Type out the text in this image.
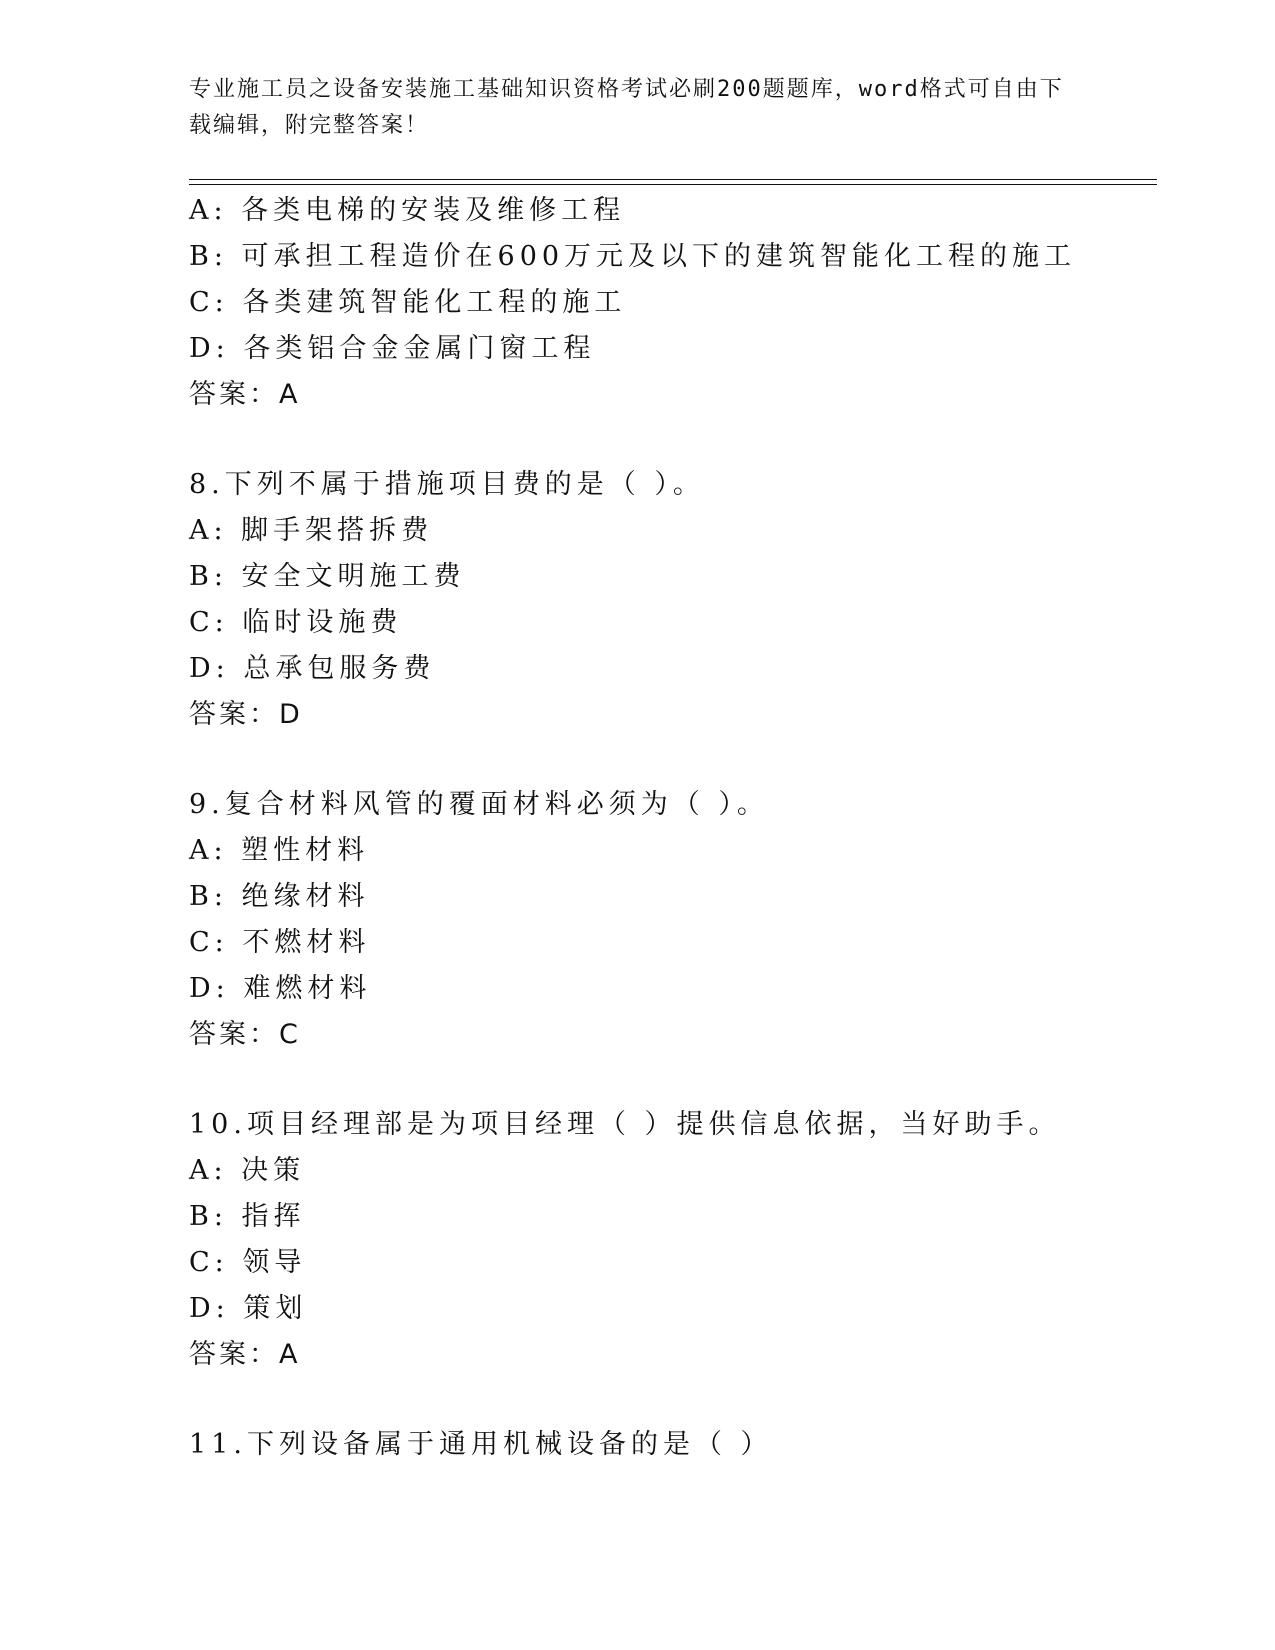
专业施工员之设备安装施工基础知识资格考试必刷200题题库，word格式可自由下载编辑，附完整答案！
A: 各类电梯的安装及维修工程
B: 可承担工程造价在600万元及以下的建筑智能化工程的施工
C: 各类建筑智能化工程的施工
D: 各类铝合金金属门窗工程
答案：A
8.下列不属于措施项目费的是（ ）。
A: 脚手架搭拆费
B: 安全文明施工费
C: 临时设施费
D: 总承包服务费
答案：D
9.复合材料风管的覆面材料必须为（ ）。
A: 塑性材料
B: 绝缘材料
C: 不燃材料
D: 难燃材料
答案：C
10.项目经理部是为项目经理（ ）提供信息依据，当好助手。
A: 决策
B: 指挥
C: 领导
D: 策划
答案：A
11.下列设备属于通用机械设备的是（ ）
